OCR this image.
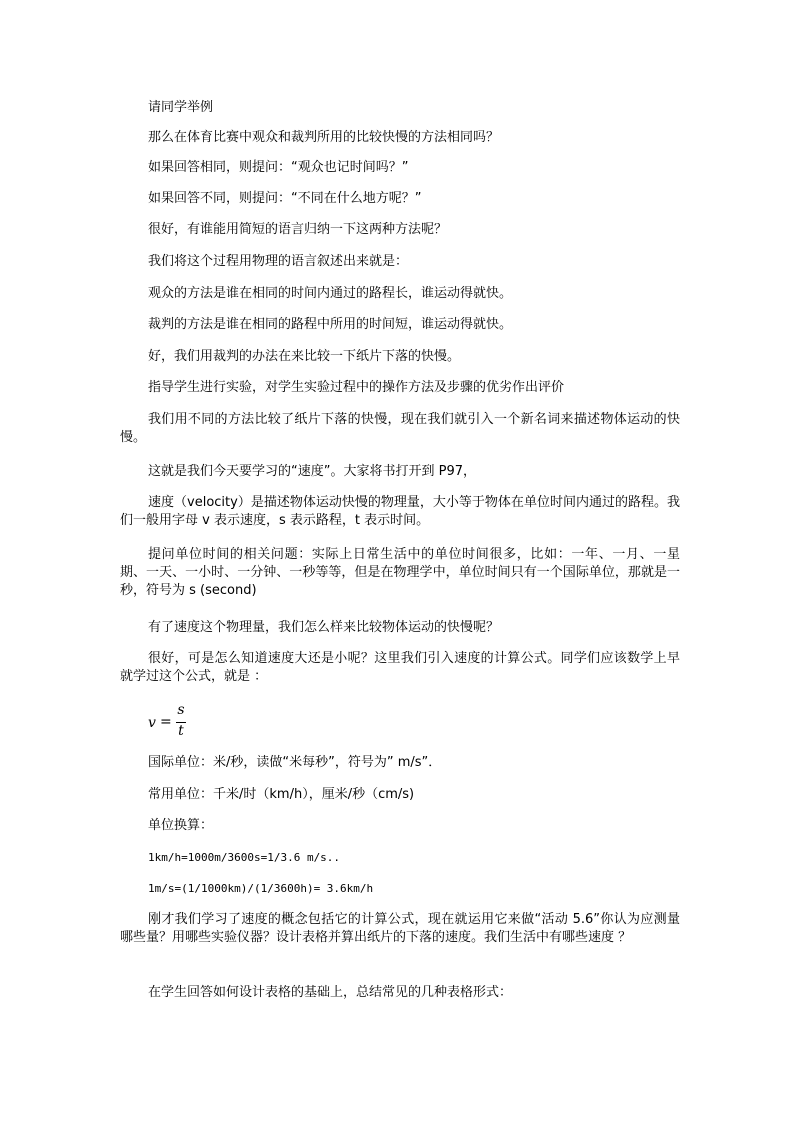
请同学举例

那么在体育比赛中观众和裁判所用的比较快慢的方法相同吗？

如果回答相同，则提问：“观众也记时间吗？”

如果回答不同，则提问：“不同在什么地方呢？”

很好，有谁能用简短的语言归纳一下这两种方法呢？

我们将这个过程用物理的语言叙述出来就是：

观众的方法是谁在相同的时间内通过的路程长，谁运动得就快。

裁判的方法是谁在相同的路程中所用的时间短，谁运动得就快。

好，我们用裁判的办法在来比较一下纸片下落的快慢。

指导学生进行实验，对学生实验过程中的操作方法及步骤的优劣作出评价

我们用不同的方法比较了纸片下落的快慢，现在我们就引入一个新名词来描述物体运动的快慢。

这就是我们今天要学习的“速度”。大家将书打开到 P97，

速度（velocity）是描述物体运动快慢的物理量，大小等于物体在单位时间内通过的路程。我们一般用字母 v 表示速度，s 表示路程，t 表示时间。

提问单位时间的相关问题：实际上日常生活中的单位时间很多，比如：一年、一月、一星期、一天、一小时、一分钟、一秒等等，但是在物理学中，单位时间只有一个国际单位，那就是一秒，符号为 s (second)

有了速度这个物理量，我们怎么样来比较物体运动的快慢呢？

很好，可是怎么知道速度大还是小呢？这里我们引入速度的计算公式。同学们应该数学上早就学过这个公式，就是 ：

v =
s
t

国际单位：米/秒，读做“米每秒”，符号为” m/s”．

常用单位：千米/时（km/h），厘米/秒（cm/s)

单位换算：

1km/h=1000m/3600s=1/3.6 m/s..

1m/s=(1/1000km)/(1/3600h)= 3.6km/h

刚才我们学习了速度的概念包括它的计算公式，现在就运用它来做“活动 5.6”你认为应测量哪些量？用哪些实验仪器？设计表格并算出纸片的下落的速度。我们生活中有哪些速度 ？

在学生回答如何设计表格的基础上，总结常见的几种表格形式：
